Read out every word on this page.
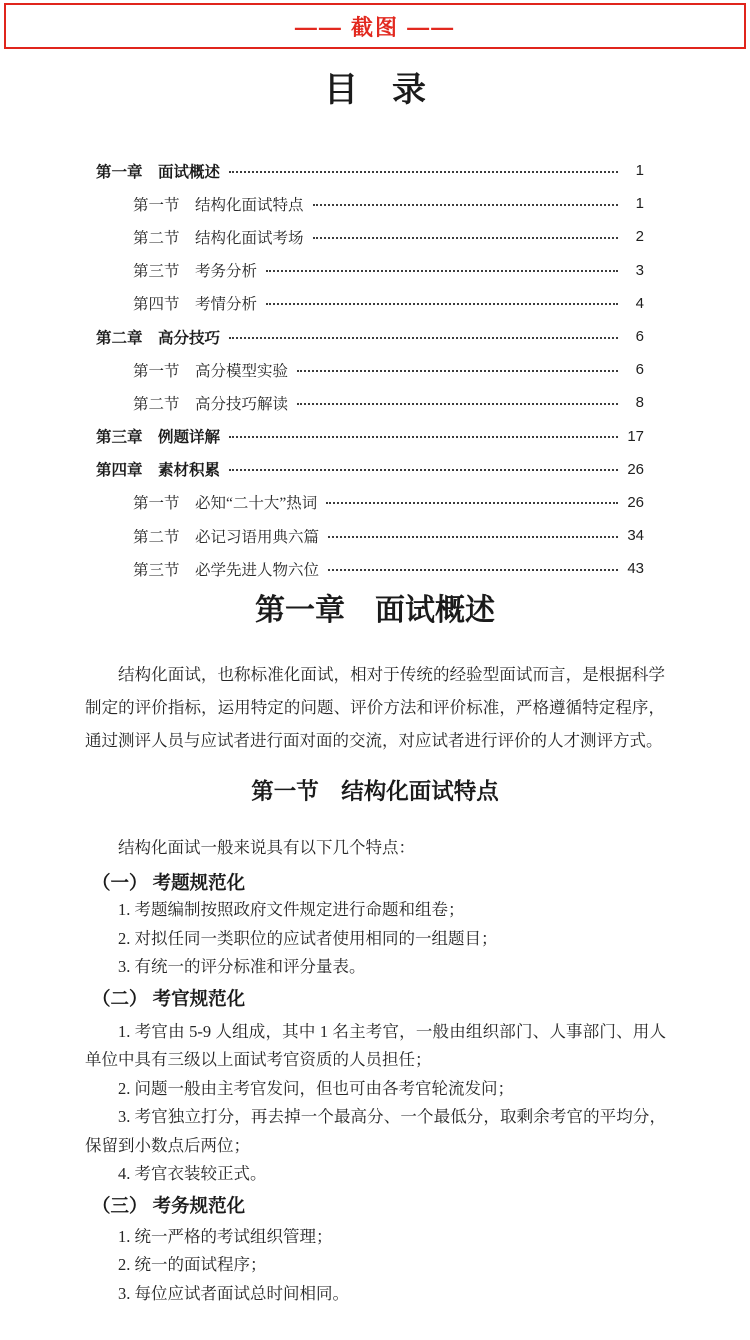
—— 截图 ——
目　录
第一章　面试概述	1
第一节　结构化面试特点	1
第二节　结构化面试考场	2
第三节　考务分析	3
第四节　考情分析	4
第二章　高分技巧	6
第一节　高分模型实验	6
第二节　高分技巧解读	8
第三章　例题详解	17
第四章　素材积累	26
第一节　必知“二十大”热词	26
第二节　必记习语用典六篇	34
第三节　必学先进人物六位	43
第一章　面试概述

结构化面试，也称标准化面试，相对于传统的经验型面试而言，是根据科学制定的评价指标，运用特定的问题、评价方法和评价标准，严格遵循特定程序，通过测评人员与应试者进行面对面的交流，对应试者进行评价的人才测评方式。

第一节　结构化面试特点

结构化面试一般来说具有以下几个特点：

（一） 考题规范化

1. 考题编制按照政府文件规定进行命题和组卷；

2. 对拟任同一类职位的应试者使用相同的一组题目；

3. 有统一的评分标准和评分量表。

（二） 考官规范化

1. 考官由 5-9 人组成，其中 1 名主考官，一般由组织部门、人事部门、用人单位中具有三级以上面试考官资质的人员担任；

2. 问题一般由主考官发问，但也可由各考官轮流发问；

3. 考官独立打分，再去掉一个最高分、一个最低分，取剩余考官的平均分，保留到小数点后两位；

4. 考官衣装较正式。

（三） 考务规范化

1. 统一严格的考试组织管理；

2. 统一的面试程序；

3. 每位应试者面试总时间相同。
